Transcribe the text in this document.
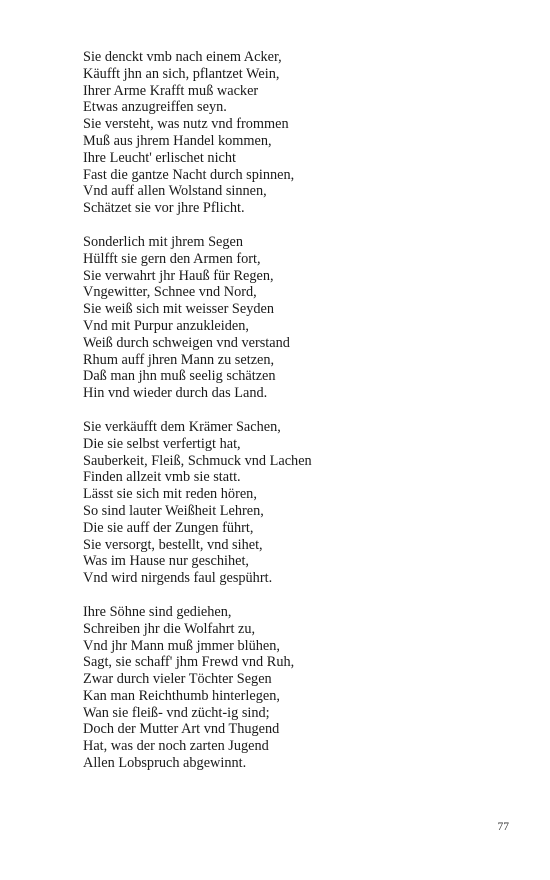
Sie denckt vmb nach einem Acker,
Käufft jhn an sich, pflantzet Wein,
Ihrer Arme Krafft muß wacker
Etwas anzugreiffen seyn.
Sie versteht, was nutz vnd frommen
Muß aus jhrem Handel kommen,
Ihre Leucht' erlischet nicht
Fast die gantze Nacht durch spinnen,
Vnd auff allen Wolstand sinnen,
Schätzet sie vor jhre Pflicht.
Sonderlich mit jhrem Segen
Hülfft sie gern den Armen fort,
Sie verwahrt jhr Hauß für Regen,
Vngewitter, Schnee vnd Nord,
Sie weiß sich mit weisser Seyden
Vnd mit Purpur anzukleiden,
Weiß durch schweigen vnd verstand
Rhum auff jhren Mann zu setzen,
Daß man jhn muß seelig schätzen
Hin vnd wieder durch das Land.
Sie verkäufft dem Krämer Sachen,
Die sie selbst verfertigt hat,
Sauberkeit, Fleiß, Schmuck vnd Lachen
Finden allzeit vmb sie statt.
Lässt sie sich mit reden hören,
So sind lauter Weißheit Lehren,
Die sie auff der Zungen führt,
Sie versorgt, bestellt, vnd sihet,
Was im Hause nur geschihet,
Vnd wird nirgends faul gespührt.
Ihre Söhne sind gediehen,
Schreiben jhr die Wolfahrt zu,
Vnd jhr Mann muß jmmer blühen,
Sagt, sie schaff' jhm Frewd vnd Ruh,
Zwar durch vieler Töchter Segen
Kan man Reichthumb hinterlegen,
Wan sie fleiß- vnd zücht-ig sind;
Doch der Mutter Art vnd Thugend
Hat, was der noch zarten Jugend
Allen Lobspruch abgewinnt.
77
